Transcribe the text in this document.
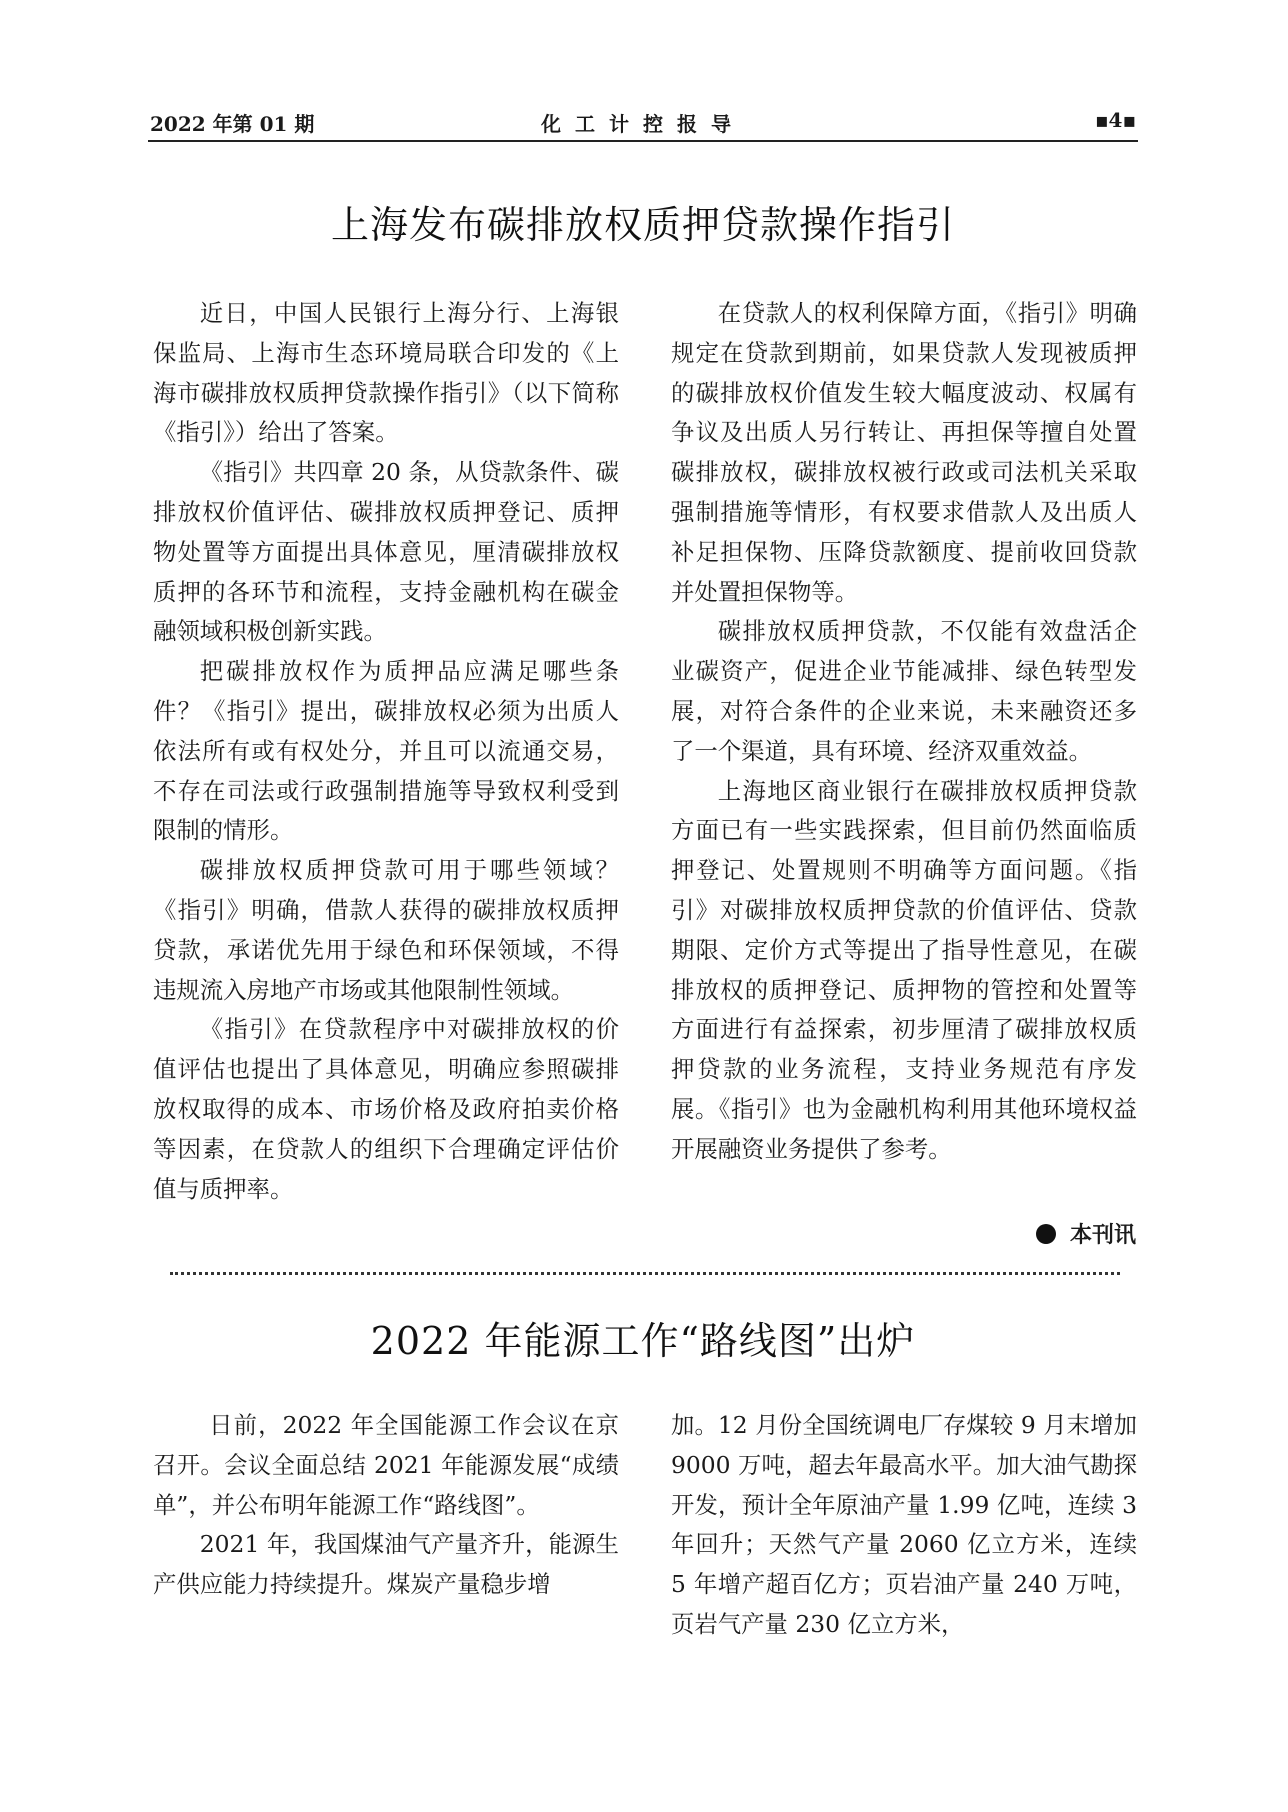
2022 年第 01 期	化工计控报导	▪4▪
上海发布碳排放权质押贷款操作指引

近日，中国人民银行上海分行、上海银保监局、上海市生态环境局联合印发的《上海市碳排放权质押贷款操作指引》（以下简称《指引》）给出了答案。

《指引》共四章 20 条，从贷款条件、碳排放权价值评估、碳排放权质押登记、质押物处置等方面提出具体意见，厘清碳排放权质押的各环节和流程，支持金融机构在碳金融领域积极创新实践。

把碳排放权作为质押品应满足哪些条件？《指引》提出，碳排放权必须为出质人依法所有或有权处分，并且可以流通交易，不存在司法或行政强制措施等导致权利受到限制的情形。

碳排放权质押贷款可用于哪些领域？《指引》明确，借款人获得的碳排放权质押贷款，承诺优先用于绿色和环保领域，不得违规流入房地产市场或其他限制性领域。

《指引》在贷款程序中对碳排放权的价值评估也提出了具体意见，明确应参照碳排放权取得的成本、市场价格及政府拍卖价格等因素，在贷款人的组织下合理确定评估价值与质押率。

在贷款人的权利保障方面，《指引》明确规定在贷款到期前，如果贷款人发现被质押的碳排放权价值发生较大幅度波动、权属有争议及出质人另行转让、再担保等擅自处置碳排放权，碳排放权被行政或司法机关采取强制措施等情形，有权要求借款人及出质人补足担保物、压降贷款额度、提前收回贷款并处置担保物等。

碳排放权质押贷款，不仅能有效盘活企业碳资产，促进企业节能减排、绿色转型发展，对符合条件的企业来说，未来融资还多了一个渠道，具有环境、经济双重效益。

上海地区商业银行在碳排放权质押贷款方面已有一些实践探索，但目前仍然面临质押登记、处置规则不明确等方面问题。《指引》对碳排放权质押贷款的价值评估、贷款期限、定价方式等提出了指导性意见，在碳排放权的质押登记、质押物的管控和处置等方面进行有益探索，初步厘清了碳排放权质押贷款的业务流程，支持业务规范有序发展。《指引》也为金融机构利用其他环境权益开展融资业务提供了参考。

本刊讯
2022 年能源工作“路线图”出炉

日前，2022 年全国能源工作会议在京召开。会议全面总结 2021 年能源发展“成绩单”，并公布明年能源工作“路线图”。

2021 年，我国煤油气产量齐升，能源生产供应能力持续提升。煤炭产量稳步增

加。12 月份全国统调电厂存煤较 9 月末增加 9000 万吨，超去年最高水平。加大油气勘探开发，预计全年原油产量 1.99 亿吨，连续 3 年回升；天然气产量 2060 亿立方米，连续 5 年增产超百亿方；页岩油产量 240 万吨，页岩气产量 230 亿立方米，
